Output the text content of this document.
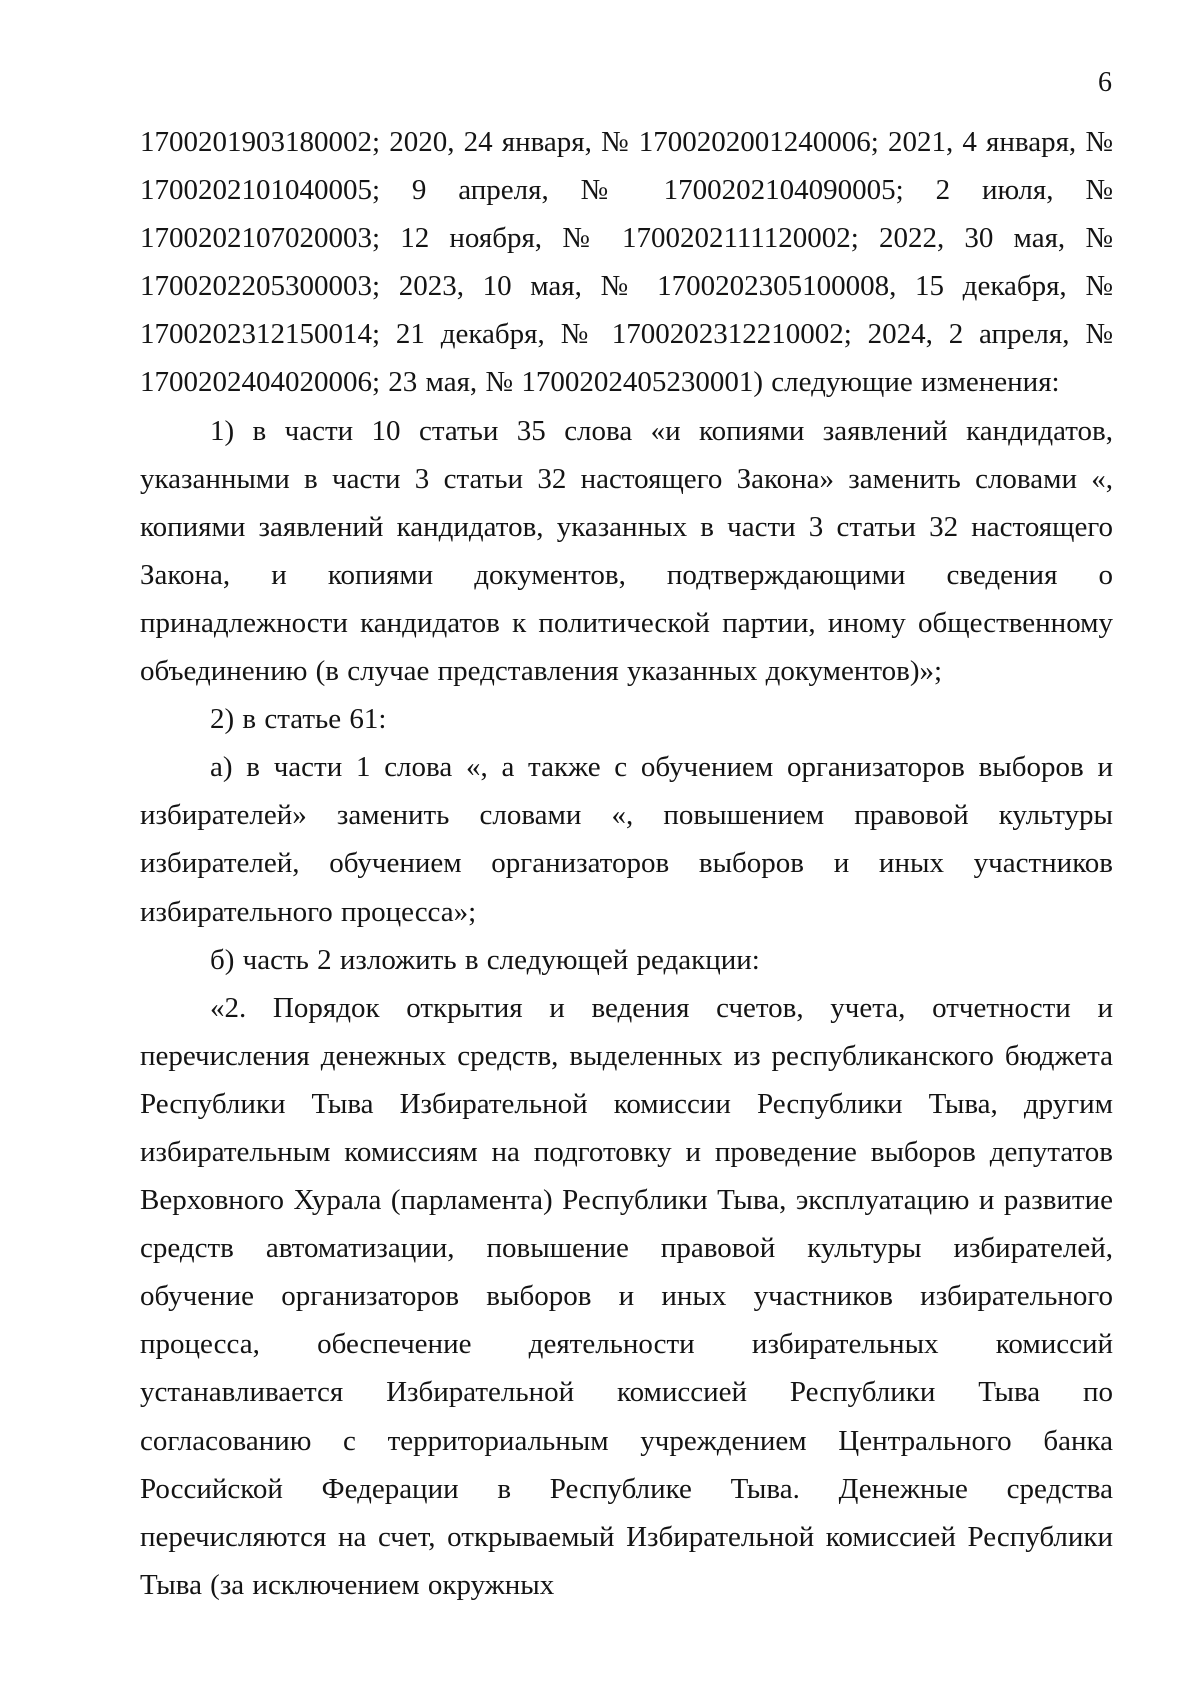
6

1700201903180002; 2020, 24 января, № 1700202001240006; 2021, 4 января, № 1700202101040005; 9 апреля, № 1700202104090005; 2 июля, № 1700202107020003; 12 ноября, № 1700202111120002; 2022, 30 мая, № 1700202205300003; 2023, 10 мая, № 1700202305100008, 15 декабря, № 1700202312150014; 21 декабря, № 1700202312210002; 2024, 2 апреля, № 1700202404020006; 23 мая, № 1700202405230001) следующие изменения:

1) в части 10 статьи 35 слова «и копиями заявлений кандидатов, указанными в части 3 статьи 32 настоящего Закона» заменить словами «, копиями заявлений кандидатов, указанных в части 3 статьи 32 настоящего Закона, и копиями документов, подтверждающими сведения о принадлежности кандидатов к политической партии, иному общественному объединению (в случае представления указанных документов)»;

2) в статье 61:

а) в части 1 слова «, а также с обучением организаторов выборов и избирателей» заменить словами «, повышением правовой культуры избирателей, обучением организаторов выборов и иных участников избирательного процесса»;

б) часть 2 изложить в следующей редакции:

«2. Порядок открытия и ведения счетов, учета, отчетности и перечисления денежных средств, выделенных из республиканского бюджета Республики Тыва Избирательной комиссии Республики Тыва, другим избирательным комиссиям на подготовку и проведение выборов депутатов Верховного Хурала (парламента) Республики Тыва, эксплуатацию и развитие средств автоматизации, повышение правовой культуры избирателей, обучение организаторов выборов и иных участников избирательного процесса, обеспечение деятельности избирательных комиссий устанавливается Избирательной комиссией Республики Тыва по согласованию с территориальным учреждением Центрального банка Российской Федерации в Республике Тыва. Денежные средства перечисляются на счет, открываемый Избирательной комиссией Республики Тыва (за исключением окружных
